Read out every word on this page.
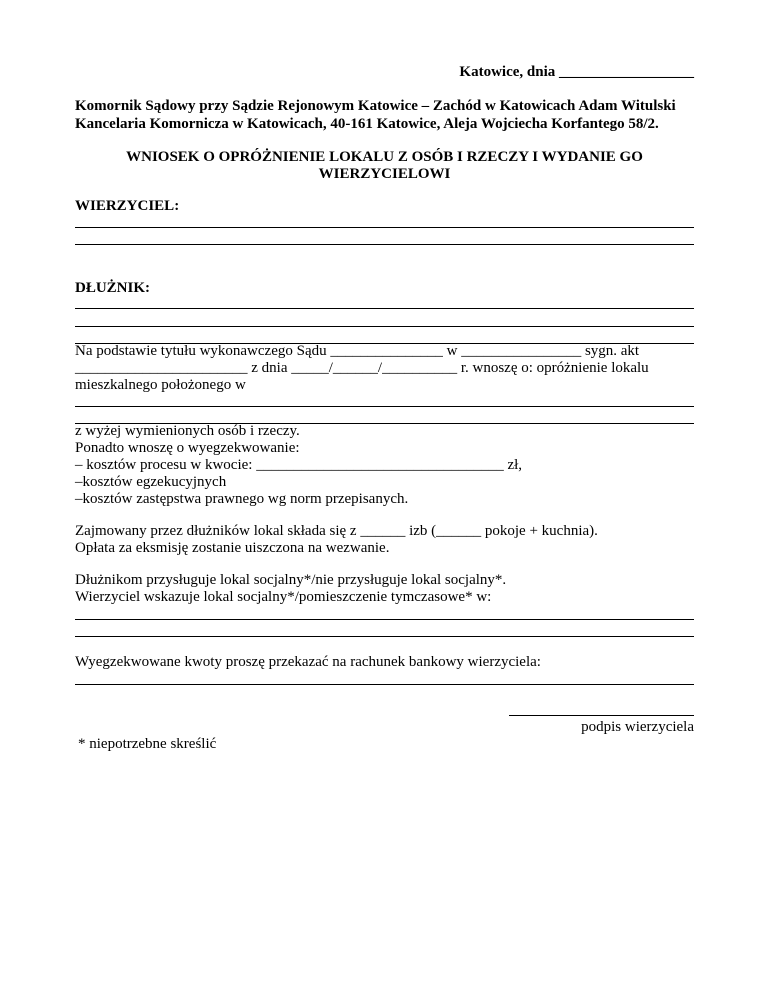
Katowice, dnia __________________
Komornik Sądowy przy Sądzie Rejonowym Katowice – Zachód w Katowicach Adam Witulski
Kancelaria Komornicza w Katowicach, 40-161 Katowice, Aleja Wojciecha Korfantego 58/2.
WNIOSEK O OPRÓŻNIENIE LOKALU Z OSÓB I RZECZY I WYDANIE GO
WIERZYCIELOWI
WIERZYCIEL:
DŁUŻNIK:
Na podstawie tytułu wykonawczego Sądu _______________ w ________________ sygn. akt
_______________________ z dnia _____/______/__________ r. wnoszę o: opróżnienie lokalu
mieszkalnego położonego w
z wyżej wymienionych osób i rzeczy.
Ponadto wnoszę o wyegzekwowanie:
– kosztów procesu w kwocie: _________________________________ zł,
–kosztów egzekucyjnych
–kosztów zastępstwa prawnego wg norm przepisanych.
Zajmowany przez dłużników lokal składa się z ______ izb (______ pokoje + kuchnia).
Opłata za eksmisję zostanie uiszczona na wezwanie.
Dłużnikom przysługuje lokal socjalny*/nie przysługuje lokal socjalny*.
Wierzyciel wskazuje lokal socjalny*/pomieszczenie tymczasowe* w:
Wyegzekwowane kwoty proszę przekazać na rachunek bankowy wierzyciela:
podpis wierzyciela
* niepotrzebne skreślić
